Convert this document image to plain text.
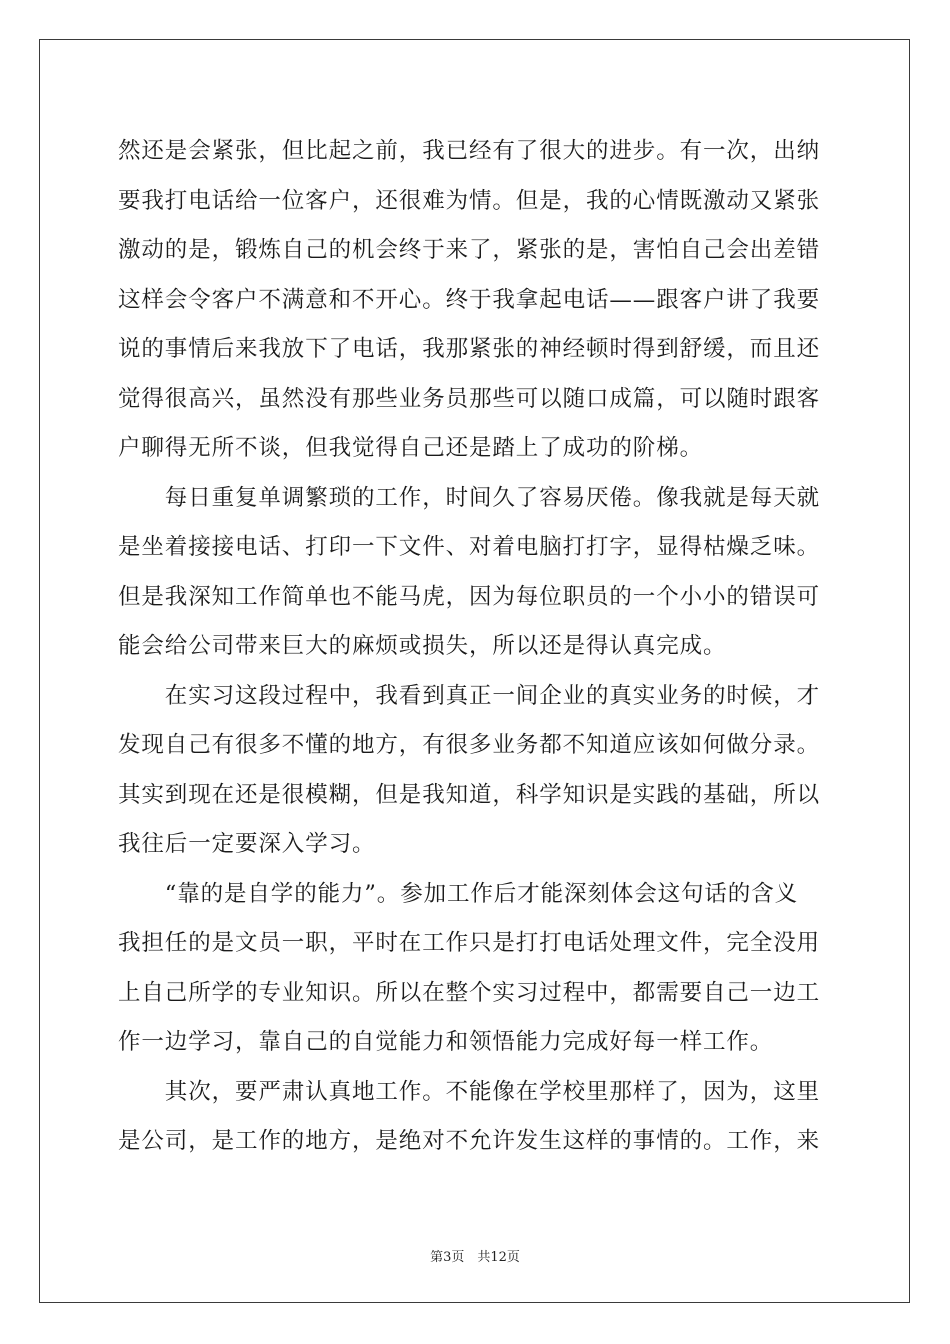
然还是会紧张，但比起之前，我已经有了很大的进步。有一次，出纳

要我打电话给一位客户，还很难为情。但是，我的心情既激动又紧张

激动的是，锻炼自己的机会终于来了，紧张的是，害怕自己会出差错

这样会令客户不满意和不开心。终于我拿起电话——跟客户讲了我要

说的事情后来我放下了电话，我那紧张的神经顿时得到舒缓，而且还

觉得很高兴，虽然没有那些业务员那些可以随口成篇，可以随时跟客

户聊得无所不谈，但我觉得自己还是踏上了成功的阶梯。

　　每日重复单调繁琐的工作，时间久了容易厌倦。像我就是每天就

是坐着接接电话、打印一下文件、对着电脑打打字，显得枯燥乏味。

但是我深知工作简单也不能马虎，因为每位职员的一个小小的错误可

能会给公司带来巨大的麻烦或损失，所以还是得认真完成。

　　在实习这段过程中，我看到真正一间企业的真实业务的时候，才

发现自己有很多不懂的地方，有很多业务都不知道应该如何做分录。

其实到现在还是很模糊，但是我知道，科学知识是实践的基础，所以

我往后一定要深入学习。

　　“靠的是自学的能力”。参加工作后才能深刻体会这句话的含义

我担任的是文员一职，平时在工作只是打打电话处理文件，完全没用

上自己所学的专业知识。所以在整个实习过程中，都需要自己一边工

作一边学习，靠自己的自觉能力和领悟能力完成好每一样工作。

　　其次，要严肃认真地工作。不能像在学校里那样了，因为，这里

是公司，是工作的地方，是绝对不允许发生这样的事情的。工作，来

第3页　共12页
